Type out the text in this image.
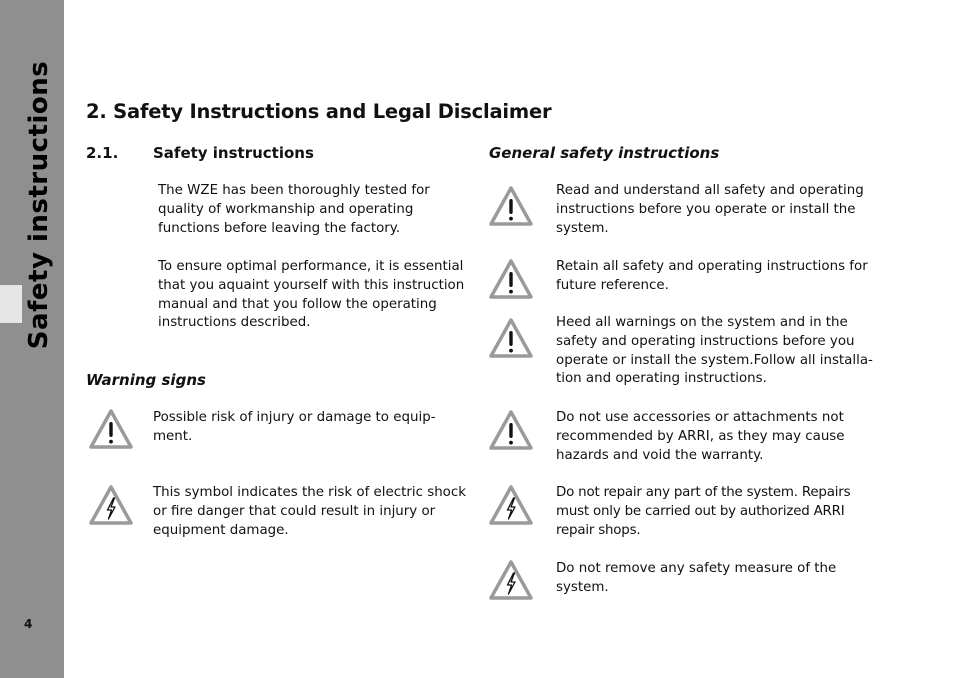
Safety instructions
4
2. Safety Instructions and Legal Disclaimer
2.1. Safety instructions
The WZE has been thoroughly tested for quality of workmanship and operating functions before leaving the factory.
To ensure optimal performance, it is essential that you aquaint yourself with this instruction manual and that you follow the operating instructions described.
Warning signs
Possible risk of injury or damage to equip-ment.
This symbol indicates the risk of electric shock or fire danger that could result in injury or equipment damage.
General safety instructions
Read and understand all safety and operating instructions before you operate or install the system.
Retain all safety and operating instructions for future reference.
Heed all warnings on the system and in the safety and operating instructions before you operate or install the system.Follow all installa-tion and operating instructions.
Do not use accessories or attachments not recommended by ARRI, as they may cause hazards and void the warranty.
Do not repair any part of the system. Repairs must only be carried out by authorized ARRI repair shops.
Do not remove any safety measure of the system.
